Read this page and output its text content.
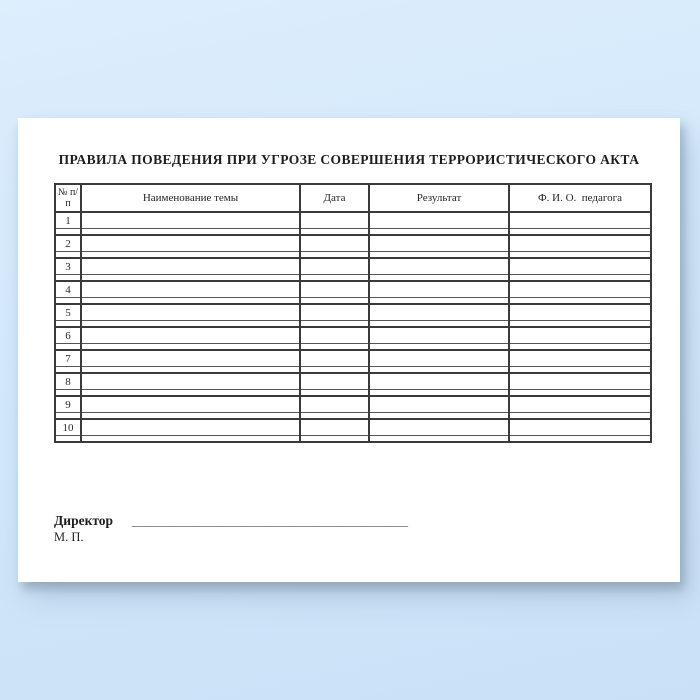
ПРАВИЛА ПОВЕДЕНИЯ ПРИ УГРОЗЕ СОВЕРШЕНИЯ ТЕРРОРИСТИЧЕСКОГО АКТА
№ п/п	Наименование темы	Дата	Результат	Ф. И. О.  педагога
1				

2				

3				

4				

5				

6				

7				

8				

9				

10				

Директор ______________________________________________
М. П.
